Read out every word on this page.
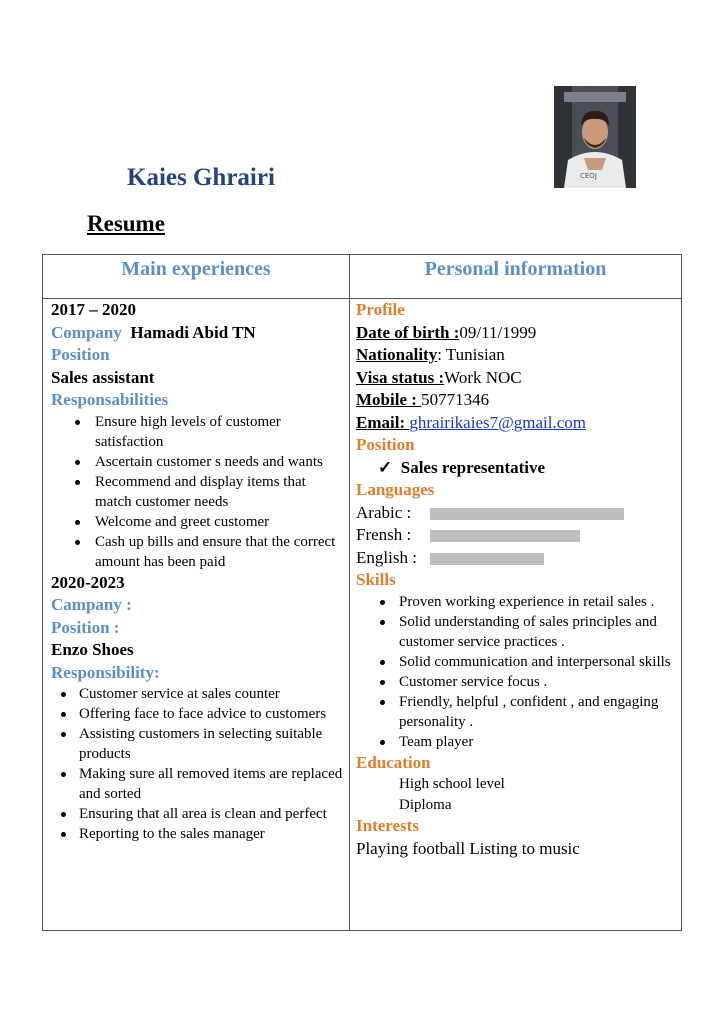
Kaies Ghrairi	CEOJ
Resume
Main experiences	Personal information
2017 – 2020
Company Hamadi Abid TN
Position
Sales assistant
Responsabilities
Ensure high levels of customer satisfaction
Ascertain customer s needs and wants
Recommend and display items that match customer needs
Welcome and greet customer
Cash up bills and ensure that the correct amount has been paid
2020-2023
Campany :
Position :
Enzo Shoes
Responsibility:
Customer service at sales counter
Offering face to face advice to customers
Assisting customers in selecting suitable products
Making sure all removed items are replaced and sorted
Ensuring that all area is clean and perfect
Reporting to the sales manager
Profile
Date of birth :09/11/1999
Nationality: Tunisian
Visa status :Work NOC
Mobile : 50771346
Email: ghrairikaies7@gmail.com
Position
✓ Sales representative
Languages
Arabic :
Frensh :
English :
Skills
Proven working experience in retail sales .
Solid understanding of sales principles and customer service practices .
Solid communication and interpersonal skills
Customer service focus .
Friendly, helpful , confident , and engaging personality .
Team player
Education
High school level
Diploma
Interests
Playing football Listing to music
